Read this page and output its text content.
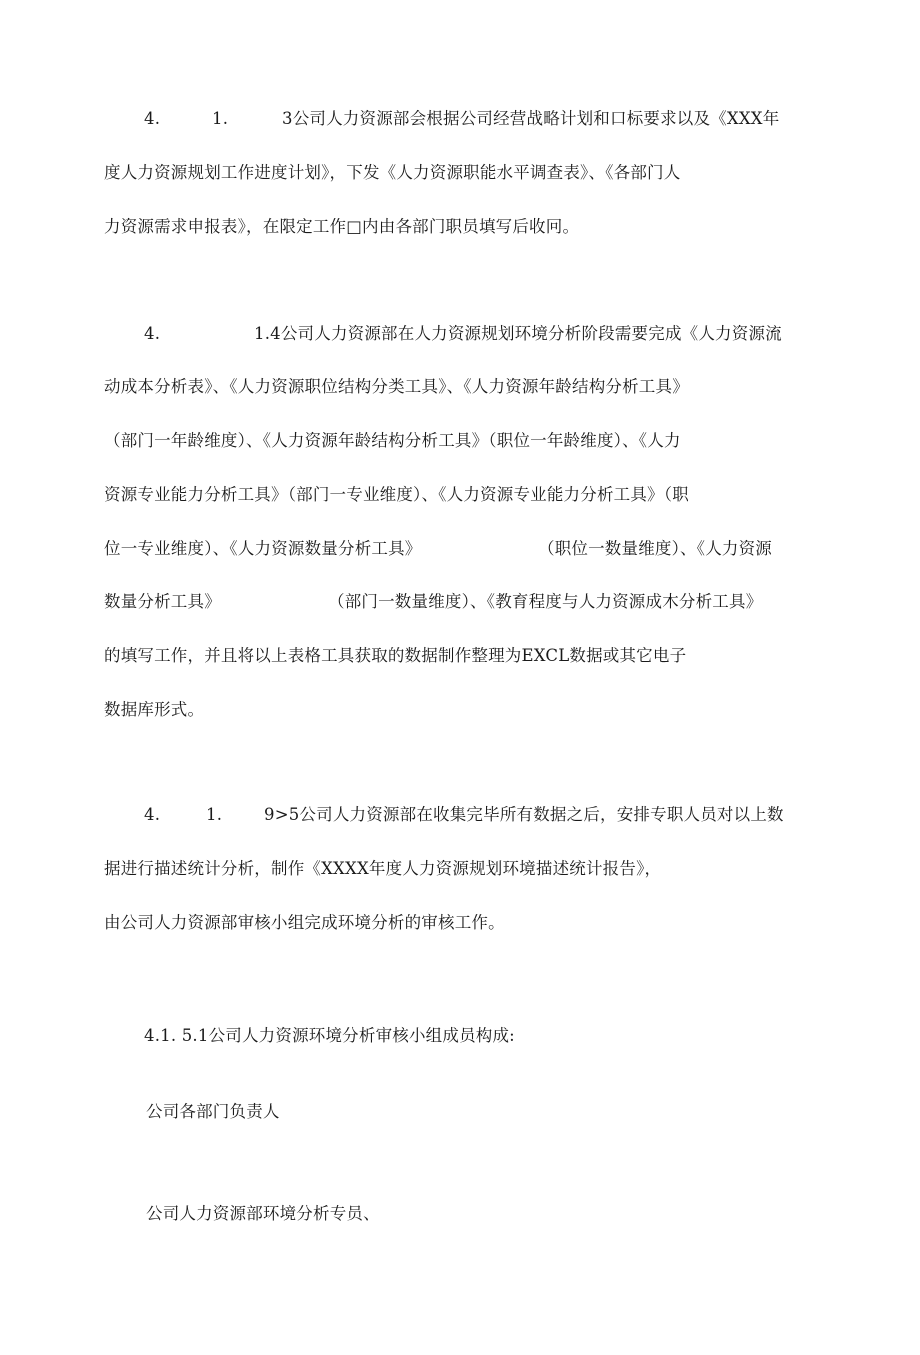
4.	1.	3公司人力资源部会根据公司经营战略计划和口标要求以及《XXX年
度人力资源规划工作进度计划》，下发《人力资源职能水平调查表》、《各部门人
力资源需求申报表》，在限定工作□内由各部门职员填写后收冋。
4.	1.4公司人力资源部在人力资源规划环境分析阶段需要完成《人力资源流
动成本分析表》、《人力资源职位结构分类工具》、《人力资源年龄结构分析工具》
（部门一年龄维度）、《人力资源年龄结构分析工具》（职位一年龄维度）、《人力
资源专业能力分析工具》（部门一专业维度）、《人力资源专业能力分析工具》（职
位一专业维度）、《人力资源数量分析工具》	（职位一数量维度）、《人力资源
数量分析工具》	（部门一数量维度）、《教育程度与人力资源成木分析工具》
的填写工作，并且将以上表格工具获取的数据制作整理为EXCL数据或其它电子
数据库形式。
4.	1.	9>5公司人力资源部在收集完毕所有数据之后，安排专职人员对以上数
据进行描述统计分析，制作《XXXX年度人力资源规划环境描述统计报告》，
由公司人力资源部审核小组完成环境分析的审核工作。
4.1. 5.1公司人力资源环境分析审核小组成员构成:
公司各部门负责人
公司人力资源部环境分析专员、
